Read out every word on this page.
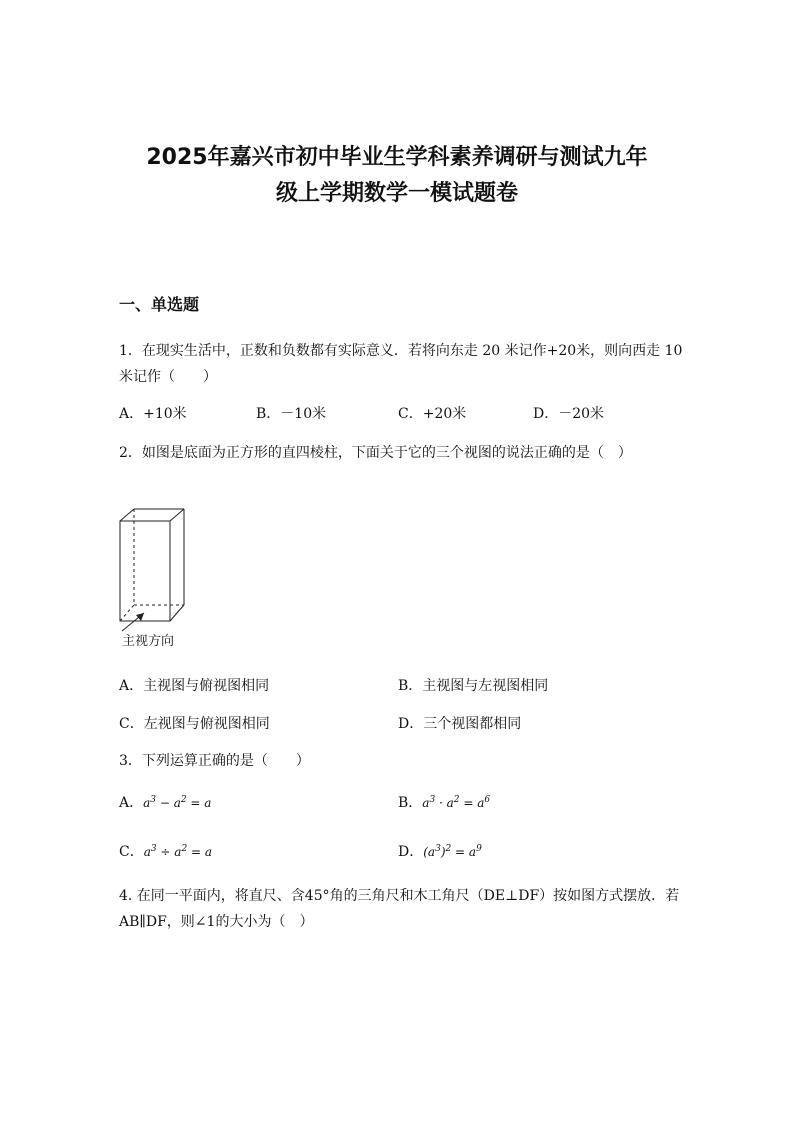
2025年嘉兴市初中毕业生学科素养调研与测试九年
级上学期数学一模试题卷
一、单选题
1．在现实生活中，正数和负数都有实际意义．若将向东走 20 米记作+20米，则向西走 10 米记作（　　）
A．+10米	B．－10米	C．+20米	D．－20米
2．如图是底面为正方形的直四棱柱，下面关于它的三个视图的说法正确的是（　）
主视方向
A．主视图与俯视图相同	B．主视图与左视图相同
C．左视图与俯视图相同	D．三个视图都相同
3．下列运算正确的是（　　）
A．$a^3 - a^2 = a$	B．$a^3 \cdot a^2 = a^6$
C．$a^3 \div a^2 = a$	D．$(a^3)^2 = a^9$
4. 在同一平面内，将直尺、含45°角的三角尺和木工角尺（DE⊥DF）按如图方式摆放．若AB∥DF，则∠1的大小为（　）
